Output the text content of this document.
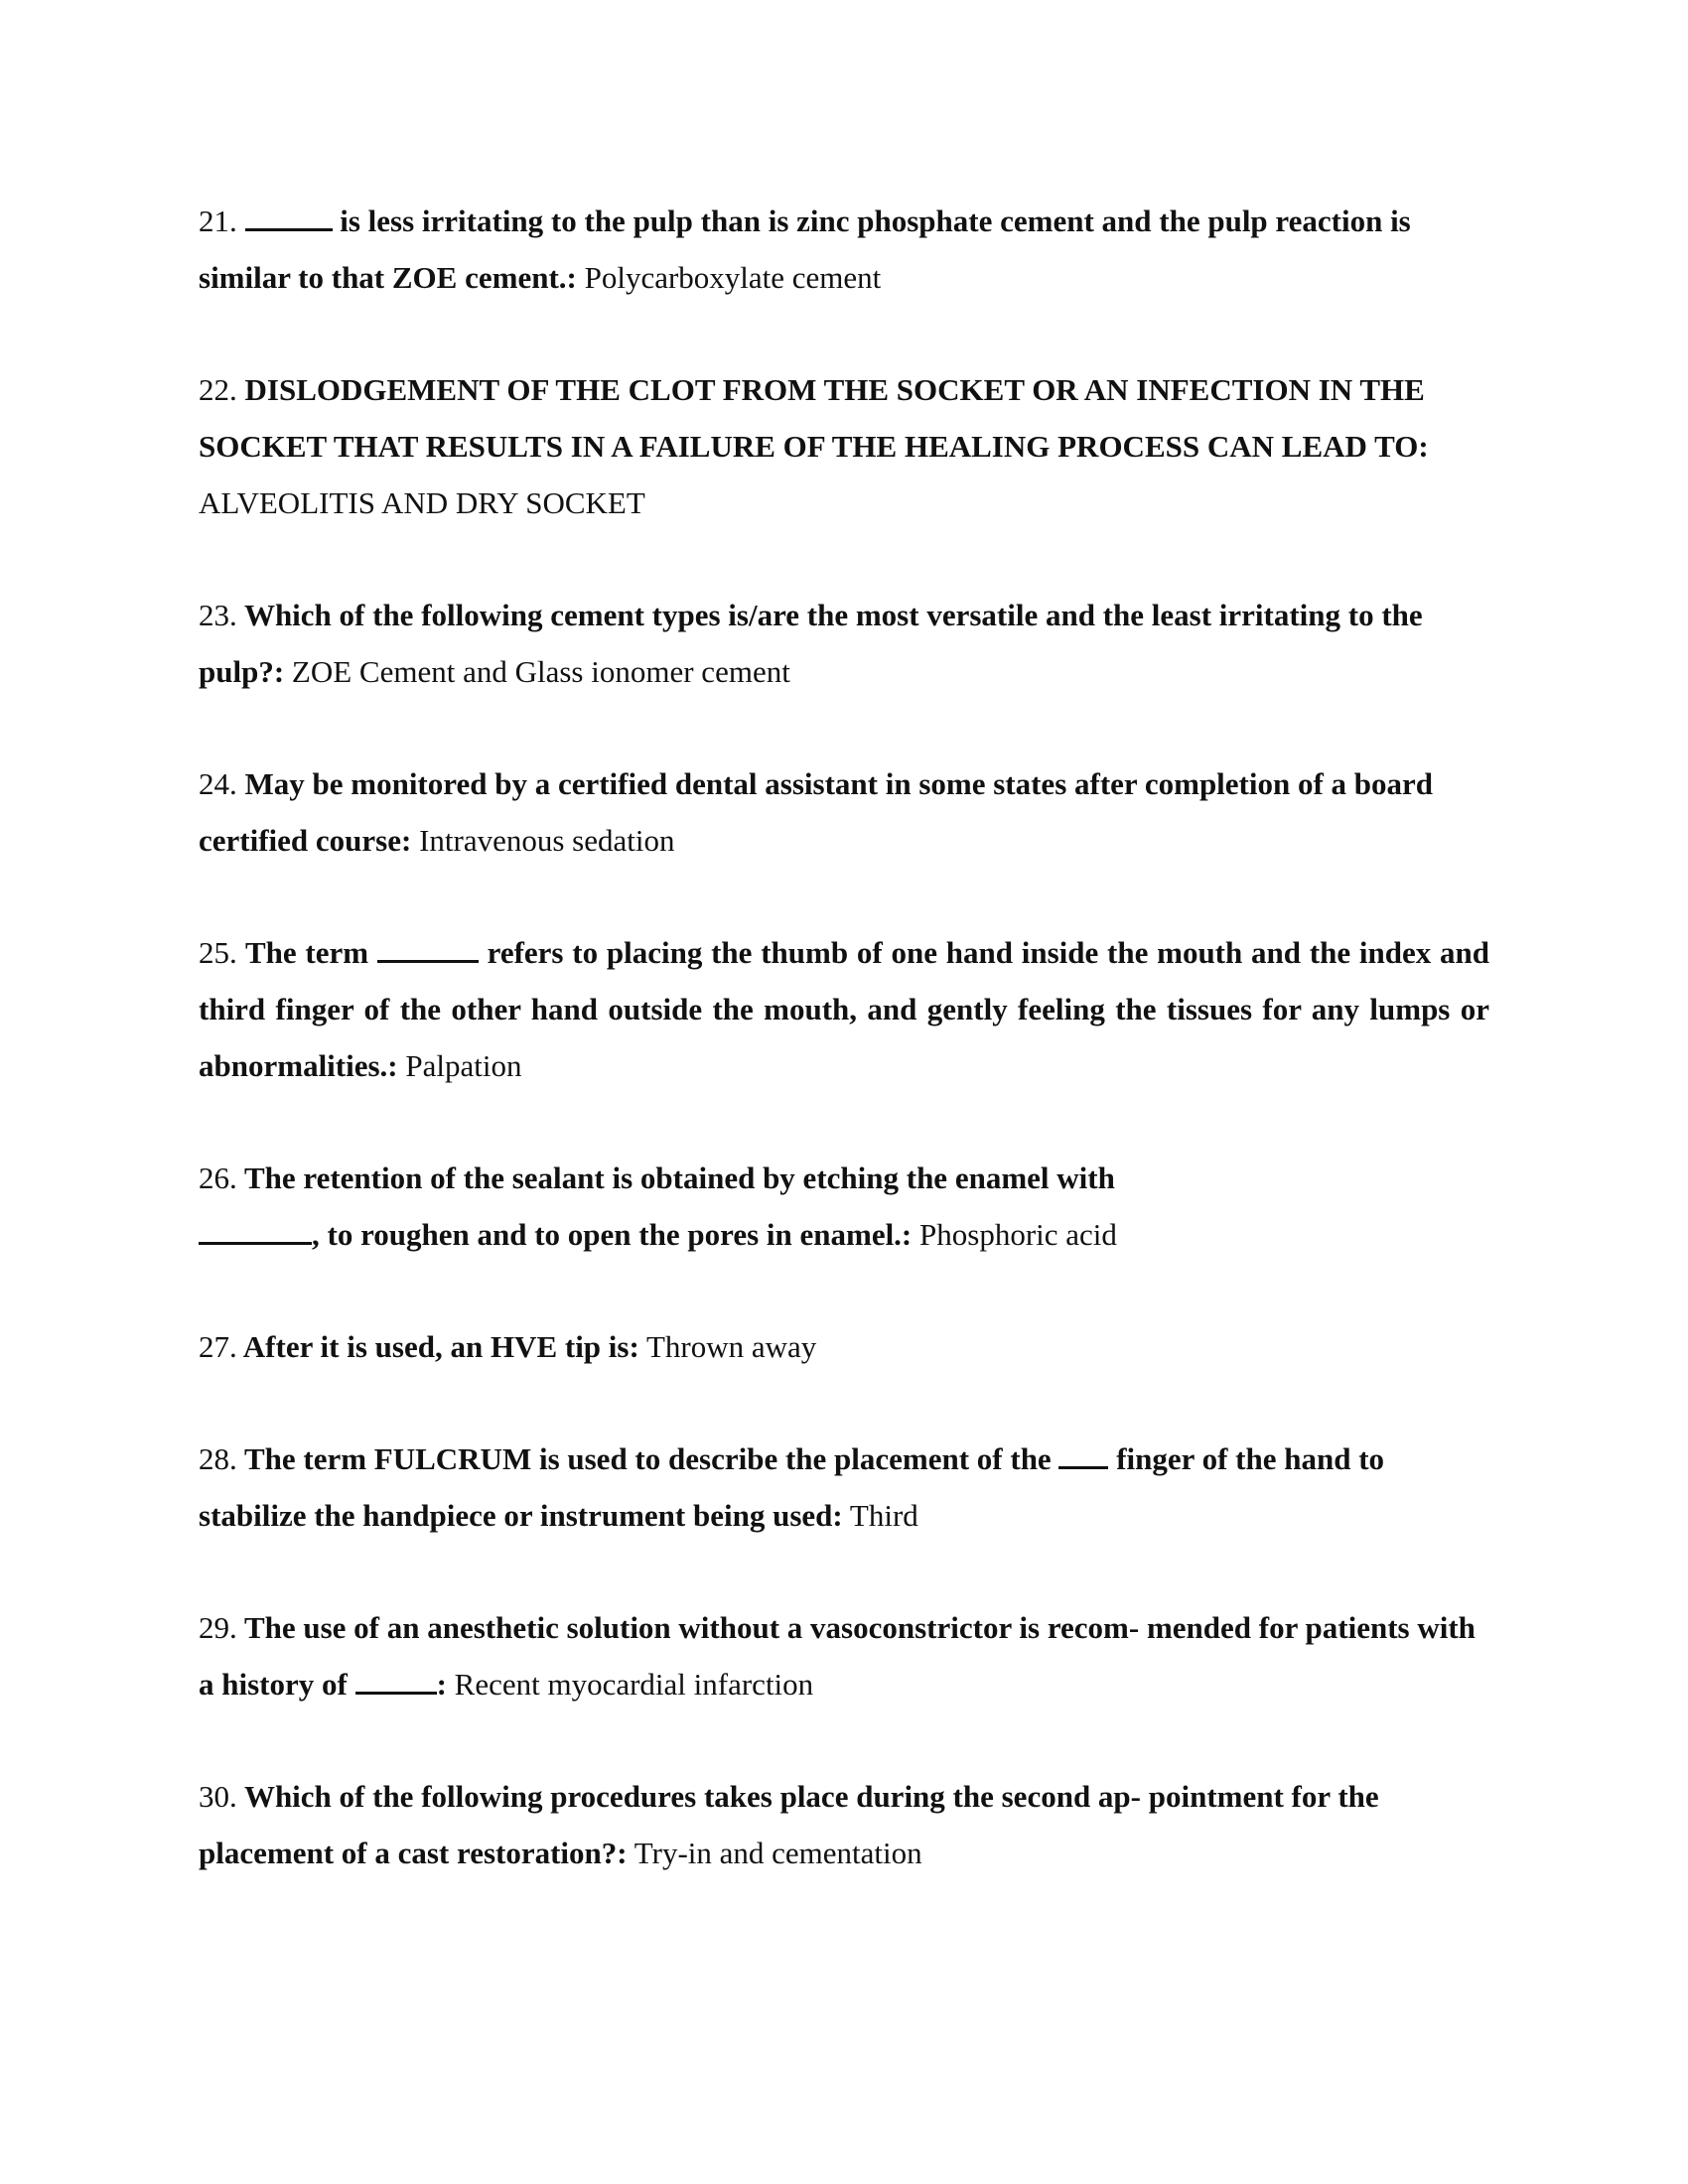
21.	is less irritating to the pulp than is zinc phosphate cement and the pulp reaction is similar to that ZOE cement.: Polycarboxylate cement

22. DISLODGEMENT OF THE CLOT FROM THE SOCKET OR AN INFECTION IN THE SOCKET THAT RESULTS IN A FAILURE OF THE HEALING PROCESS CAN LEAD TO: ALVEOLITIS AND DRY SOCKET

23. Which of the following cement types is/are the most versatile and the least irritating to the pulp?: ZOE Cement and Glass ionomer cement

24. May be monitored by a certified dental assistant in some states after completion of a board certified course: Intravenous sedation

25. The term	refers to placing the thumb of one hand inside the mouth and the index and third finger of the other hand outside the mouth, and gently feeling the tissues for any lumps or abnormalities.: Palpation

26. The retention of the sealant is obtained by etching the enamel with
, to roughen and to open the pores in enamel.: Phosphoric acid

27. After it is used, an HVE tip is: Thrown away

28. The term FULCRUM is used to describe the placement of the  finger of the hand to stabilize the handpiece or instrument being used: Third

29. The use of an anesthetic solution without a vasoconstrictor is recom- mended for patients with a history of	: Recent myocardial infarction

30. Which of the following procedures takes place during the second ap- pointment for the placement of a cast restoration?: Try-in and cementation
